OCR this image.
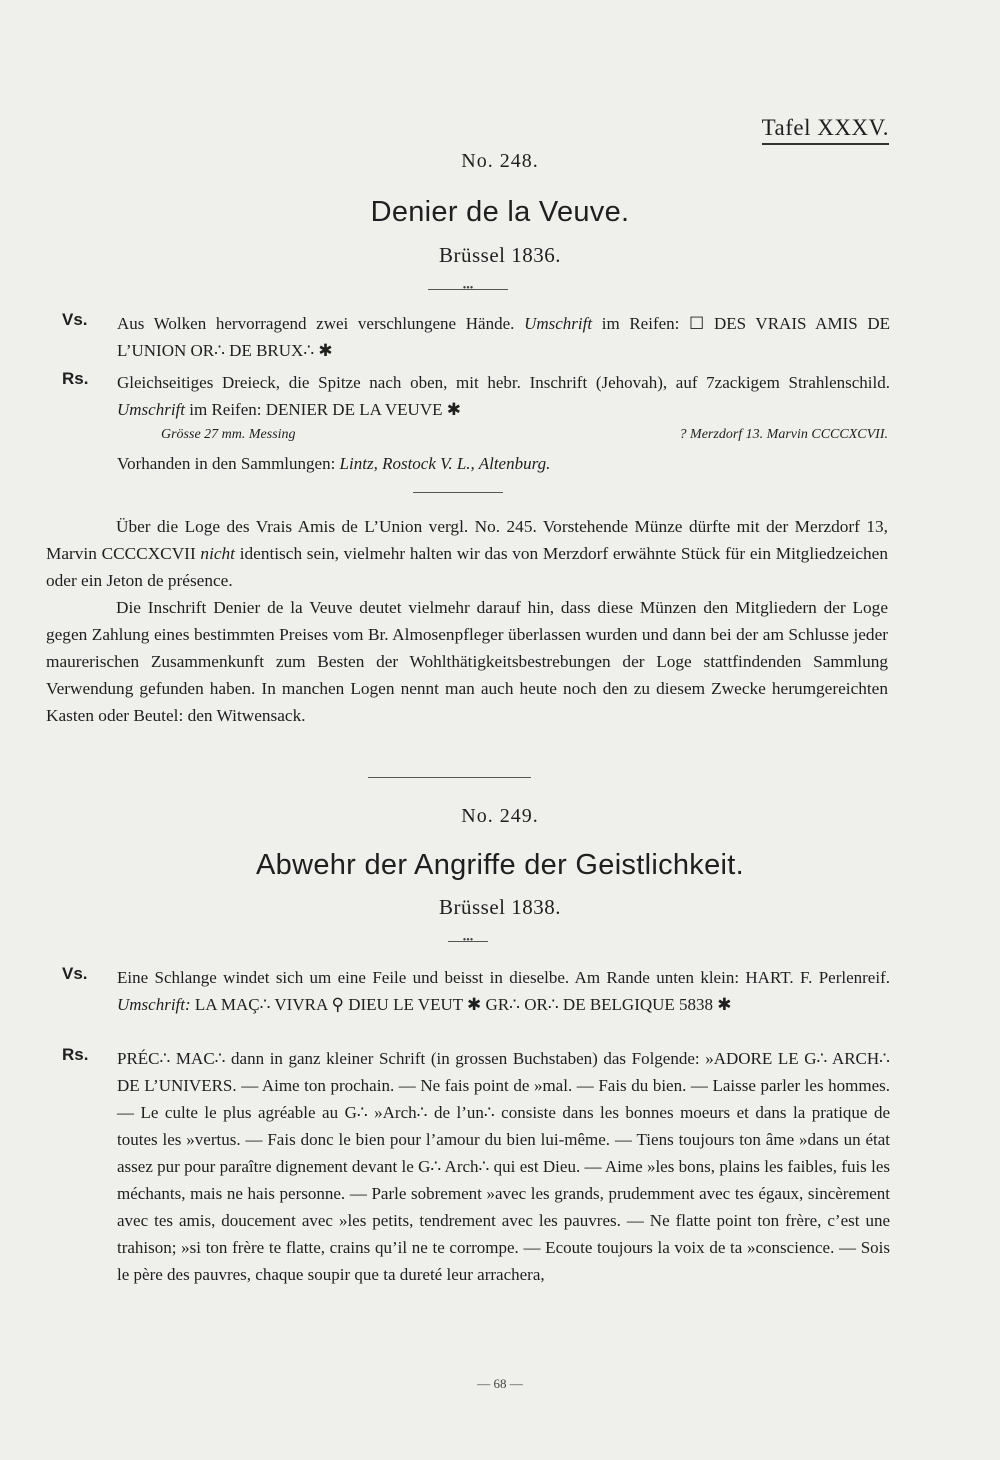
Tafel XXXV.
No. 248.
Denier de la Veuve.
Brüssel 1836.
•••
Vs.	Aus Wolken hervorragend zwei verschlungene Hände. Umschrift im Reifen: ☐ DES VRAIS AMIS DE L’UNION OR∴ DE BRUX∴ ✱
Rs.	Gleichseitiges Dreieck, die Spitze nach oben, mit hebr. Inschrift (Jehovah), auf 7zackigem Strahlenschild. Umschrift im Reifen: DENIER DE LA VEUVE ✱
Grösse 27 mm. Messing	? Merzdorf 13. Marvin CCCCXCVII.
Vorhanden in den Sammlungen: Lintz, Rostock V. L., Altenburg.

Über die Loge des Vrais Amis de L’Union vergl. No. 245. Vorstehende Münze dürfte mit der Merzdorf 13, Marvin CCCCXCVII nicht identisch sein, vielmehr halten wir das von Merzdorf erwähnte Stück für ein Mitgliedzeichen oder ein Jeton de présence.

Die Inschrift Denier de la Veuve deutet vielmehr darauf hin, dass diese Münzen den Mitgliedern der Loge gegen Zahlung eines bestimmten Preises vom Br. Almosenpfleger überlassen wurden und dann bei der am Schlusse jeder maurerischen Zusammenkunft zum Besten der Wohlthätigkeitsbestrebungen der Loge stattfindenden Sammlung Verwendung gefunden haben. In manchen Logen nennt man auch heute noch den zu diesem Zwecke herumgereichten Kasten oder Beutel: den Witwensack.

No. 249.
Abwehr der Angriffe der Geistlichkeit.
Brüssel 1838.
•••
Vs.	Eine Schlange windet sich um eine Feile und beisst in dieselbe. Am Rande unten klein: HART. F. Perlenreif. Umschrift: LA MAÇ∴ VIVRA ⚲ DIEU LE VEUT ✱ GR∴ OR∴ DE BELGIQUE 5838 ✱
Rs.	PRÉC∴ MAC∴ dann in ganz kleiner Schrift (in grossen Buchstaben) das Folgende: »ADORE LE G∴ ARCH∴ DE L’UNIVERS. — Aime ton prochain. — Ne fais point de »mal. — Fais du bien. — Laisse parler les hommes. — Le culte le plus agréable au G∴ »Arch∴ de l’un∴ consiste dans les bonnes moeurs et dans la pratique de toutes les »vertus. — Fais donc le bien pour l’amour du bien lui-même. — Tiens toujours ton âme »dans un état assez pur pour paraître dignement devant le G∴ Arch∴ qui est Dieu. — Aime »les bons, plains les faibles, fuis les méchants, mais ne hais personne. — Parle sobrement »avec les grands, prudemment avec tes égaux, sincèrement avec tes amis, doucement avec »les petits, tendrement avec les pauvres. — Ne flatte point ton frère, c’est une trahison; »si ton frère te flatte, crains qu’il ne te corrompe. — Ecoute toujours la voix de ta »conscience. — Sois le père des pauvres, chaque soupir que ta dureté leur arrachera,
— 68 —
